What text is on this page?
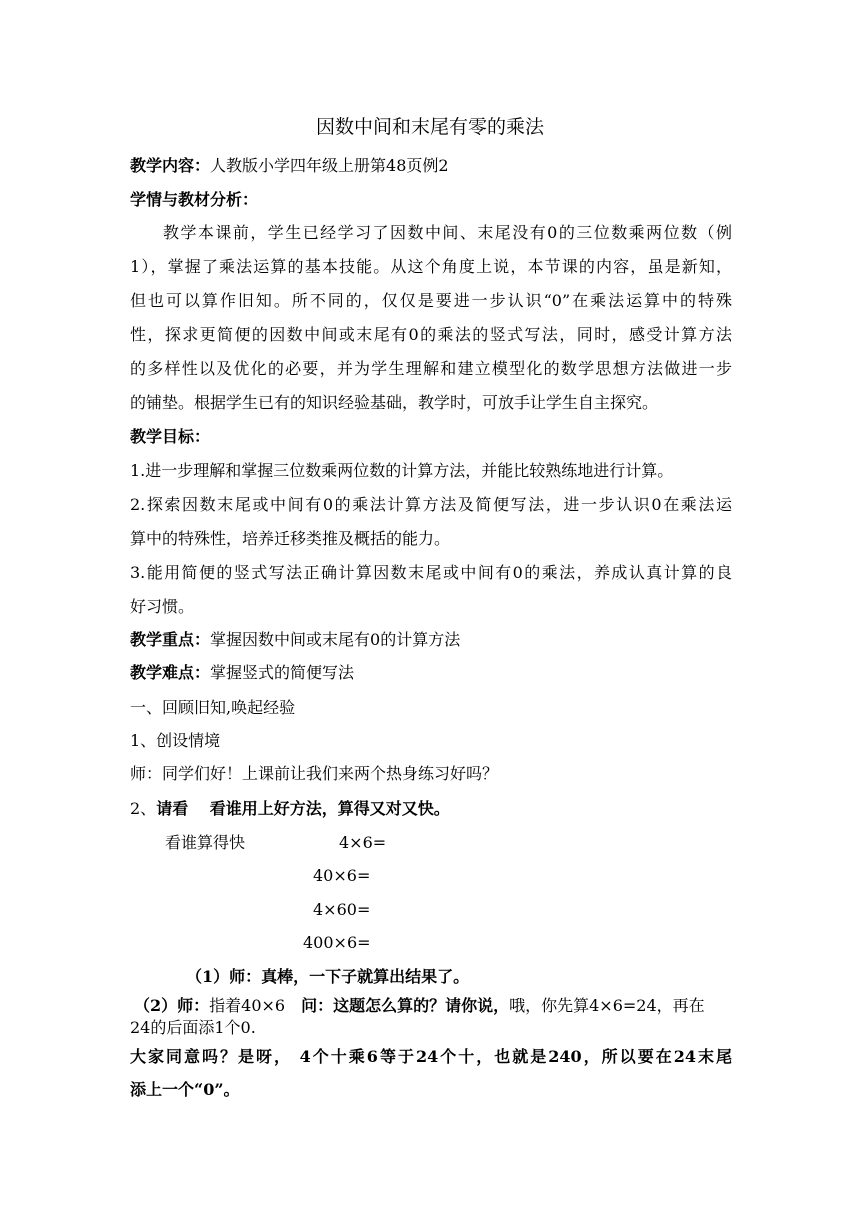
因数中间和末尾有零的乘法
教学内容：人教版小学四年级上册第48页例2
学情与教材分析：
教学本课前，学生已经学习了因数中间、末尾没有0的三位数乘两位数（例
1），掌握了乘法运算的基本技能。从这个角度上说，本节课的内容，虽是新知，
但也可以算作旧知。所不同的，仅仅是要进一步认识“0”在乘法运算中的特殊
性，探求更简便的因数中间或末尾有0的乘法的竖式写法，同时，感受计算方法
的多样性以及优化的必要，并为学生理解和建立模型化的数学思想方法做进一步
的铺垫。根据学生已有的知识经验基础，教学时，可放手让学生自主探究。
教学目标：
1.进一步理解和掌握三位数乘两位数的计算方法，并能比较熟练地进行计算。
2.探索因数末尾或中间有0的乘法计算方法及简便写法，进一步认识0在乘法运
算中的特殊性，培养迁移类推及概括的能力。
3.能用简便的竖式写法正确计算因数末尾或中间有0的乘法，养成认真计算的良
好习惯。
教学重点：掌握因数中间或末尾有0的计算方法
教学难点：掌握竖式的简便写法
一、回顾旧知,唤起经验
1、创设情境
师：同学们好！上课前让我们来两个热身练习好吗？
2、请看　 看谁用上好方法，算得又对又快。
看谁算得快	4×6=
40×6=
4×60=
400×6=
（1）师：真棒，一下子就算出结果了。
（2）师：指着40×6　问：这题怎么算的？请你说，哦，你先算4×6=24，再在
24的后面添1个0.
大家同意吗？是呀， 4个十乘6等于24个十，也就是240，所以要在24末尾
添上一个“0”。
